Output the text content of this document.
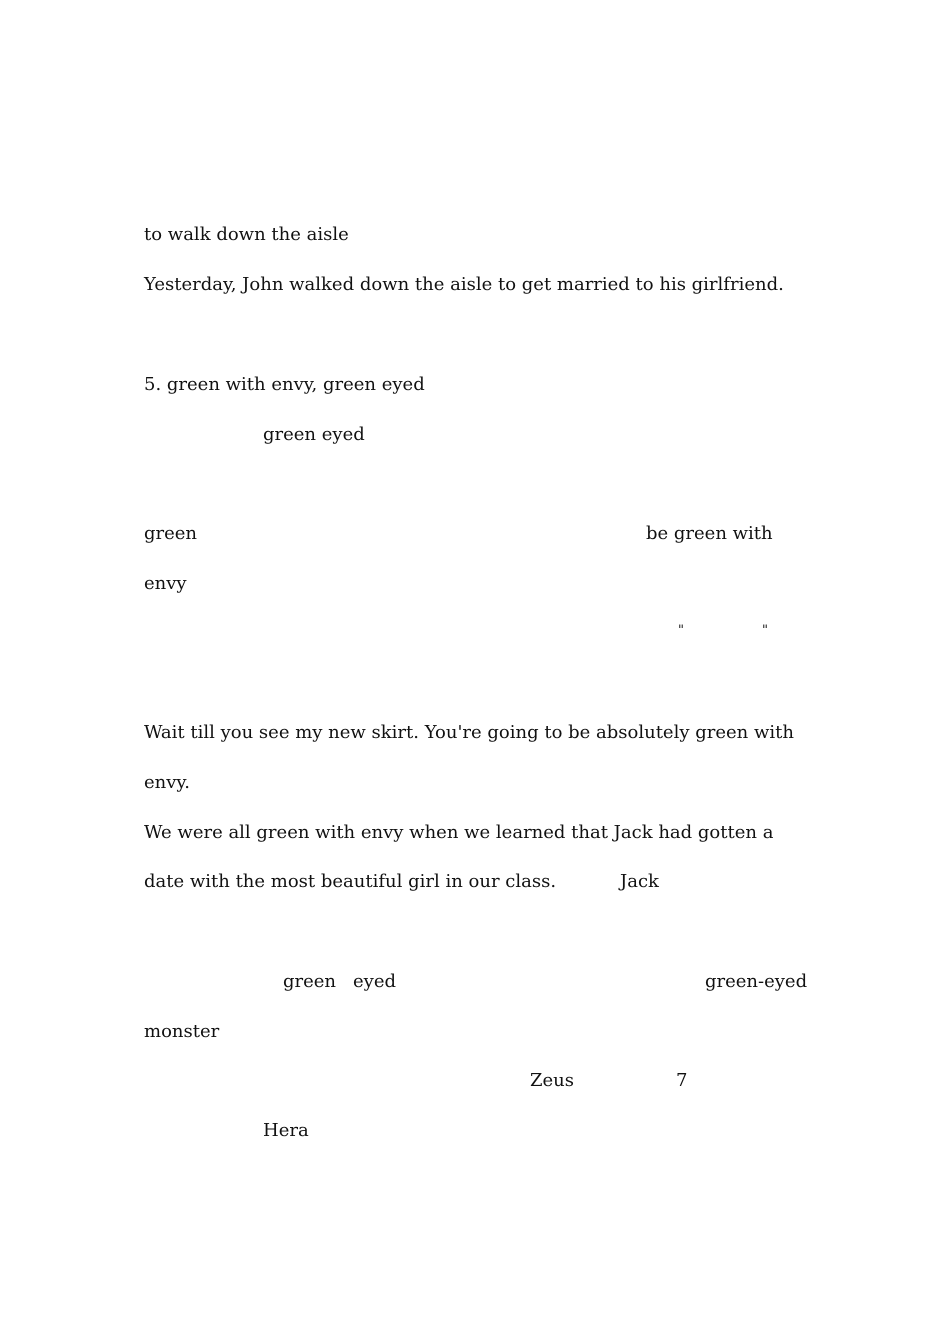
to walk down the aisle
Yesterday, John walked down the aisle to get married to his girlfriend.
5. green with envy, green eyed
green eyed
green	be green with
envy
"	"
Wait till you see my new skirt. You're going to be absolutely green with
envy.
We were all green with envy when we learned that Jack had gotten a
date with the most beautiful girl in our class.	Jack
green eyed	green-eyed
monster
Zeus	7
Hera
